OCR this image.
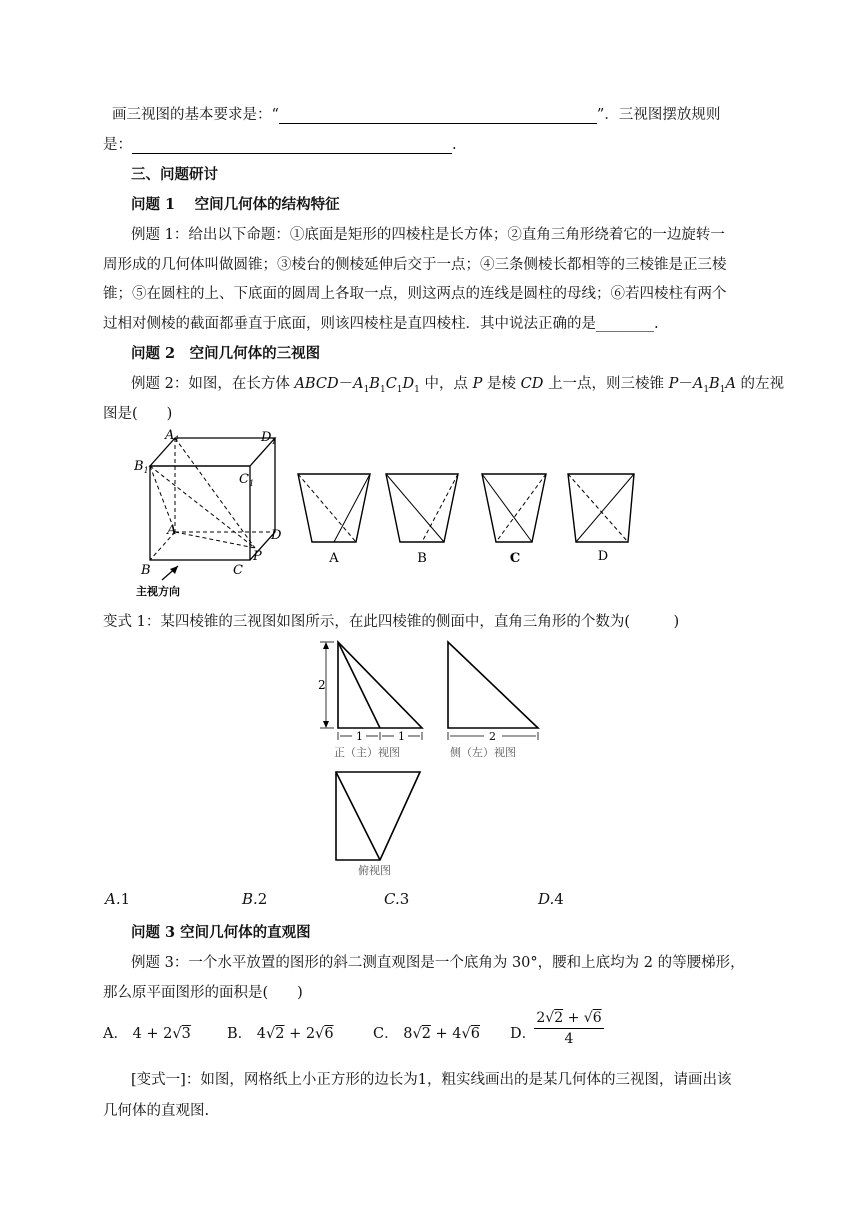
画三视图的基本要求是：“	”．三视图摆放规则
是：	.
三、问题研讨
问题 1　 空间几何体的结构特征
例题 1：给出以下命题：①底面是矩形的四棱柱是长方体；②直角三角形绕着它的一边旋转一
周形成的几何体叫做圆锥；③棱台的侧棱延伸后交于一点；④三条侧棱长都相等的三棱锥是正三棱
锥；⑤在圆柱的上、下底面的圆周上各取一点，则这两点的连线是圆柱的母线；⑥若四棱柱有两个
过相对侧棱的截面都垂直于底面，则该四棱柱是直四棱柱．其中说法正确的是________.
问题 2　空间几何体的三视图
例题 2：如图，在长方体 $ABCD-A_1B_1C_1D_1$ 中，点 P 是棱 CD 上一点，则三棱锥 $P-A_1B_1A$ 的左视
图是(　　)
$A_1$	$D_1$
$B_1$
$C_1$
A	D
P
B	C
主视方向
A	B	C	D
变式 1：某四棱锥的三视图如图所示，在此四棱锥的侧面中，直角三角形的个数为(　　　)
2
1	1
正（主）视图
2
侧（左）视图
俯视图
A.1	B.2	C.3	D.4
问题 3 空间几何体的直观图
例题 3：一个水平放置的图形的斜二测直观图是一个底角为 30°，腰和上底均为 2 的等腰梯形，
那么原平面图形的面积是(　　)
A． 4 + 2√3 B． 4√2 + 2√6	C． 8√2 + 4√6 D．
2√2 + √6
4
[变式一]：如图，网格纸上小正方形的边长为1，粗实线画出的是某几何体的三视图，请画出该
几何体的直观图.
